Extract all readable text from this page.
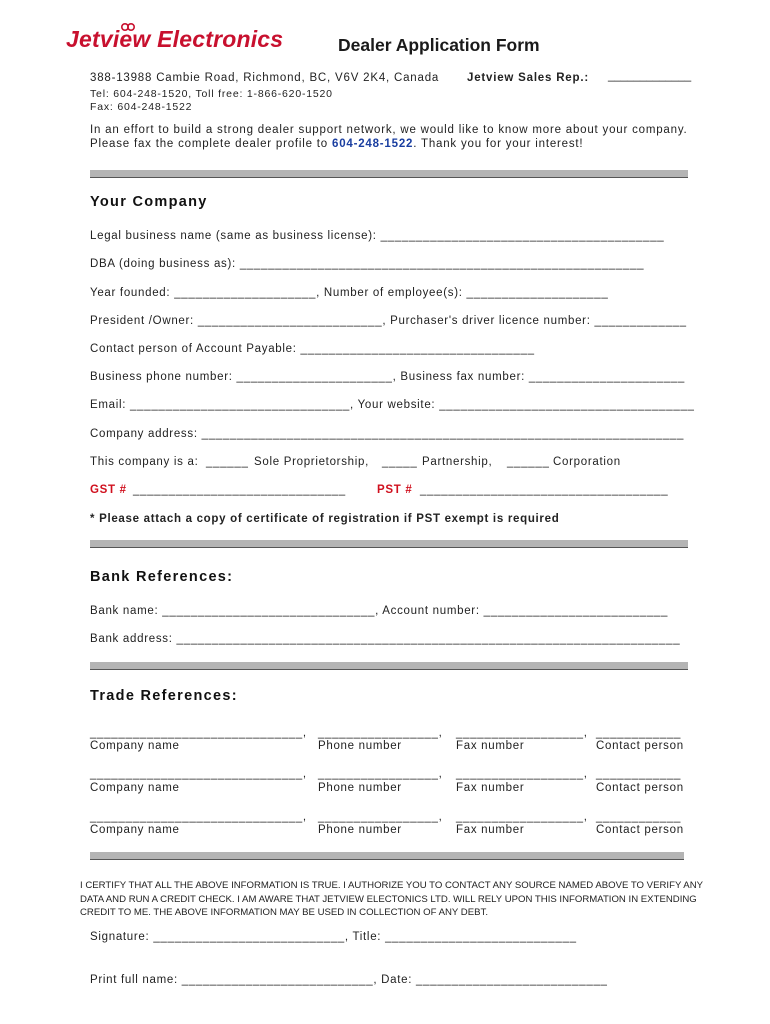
Jetview Electronics	Dealer Application Form
388-13988 Cambie Road, Richmond, BC, V6V 2K4, Canada Jetview Sales Rep.: _____________
Tel: 604-248-1520, Toll free: 1-866-620-1520
Fax: 604-248-1522
In an effort to build a strong dealer support network, we would like to know more about your company.
Please fax the complete dealer profile to 604-248-1522. Thank you for your interest!
Your Company
Legal business name (same as business license): ________________________________________
DBA (doing business as): _________________________________________________________
Year founded: ____________________, Number of employee(s): ____________________
President /Owner: __________________________, Purchaser's driver licence number: _____________
Contact person of Account Payable: _________________________________
Business phone number: ______________________, Business fax number: ______________________
Email: _______________________________, Your website: ____________________________________
Company address: ____________________________________________________________________
This company is a: ______ Sole Proprietorship, _____ Partnership, ______ Corporation
GST # ______________________________	PST # ___________________________________
* Please attach a copy of certificate of registration if PST exempt is required
Bank References:
Bank name: ______________________________, Account number: __________________________
Bank address: _______________________________________________________________________
Trade References:
______________________________, _________________, __________________, ____________
Company name	Phone number	Fax number	Contact person
______________________________, _________________, __________________, ____________
Company name	Phone number	Fax number	Contact person
______________________________, _________________, __________________, ____________
Company name	Phone number	Fax number	Contact person
I CERTIFY THAT ALL THE ABOVE INFORMATION IS TRUE. I AUTHORIZE YOU TO CONTACT ANY SOURCE NAMED ABOVE TO VERIFY ANY DATA AND RUN A CREDIT CHECK. I AM AWARE THAT JETVIEW ELECTONICS LTD. WILL RELY UPON THIS INFORMATION IN EXTENDING CREDIT TO ME. THE ABOVE INFORMATION MAY BE USED IN COLLECTION OF ANY DEBT.
Signature: ___________________________, Title: ___________________________
Print full name: ___________________________, Date: ___________________________
